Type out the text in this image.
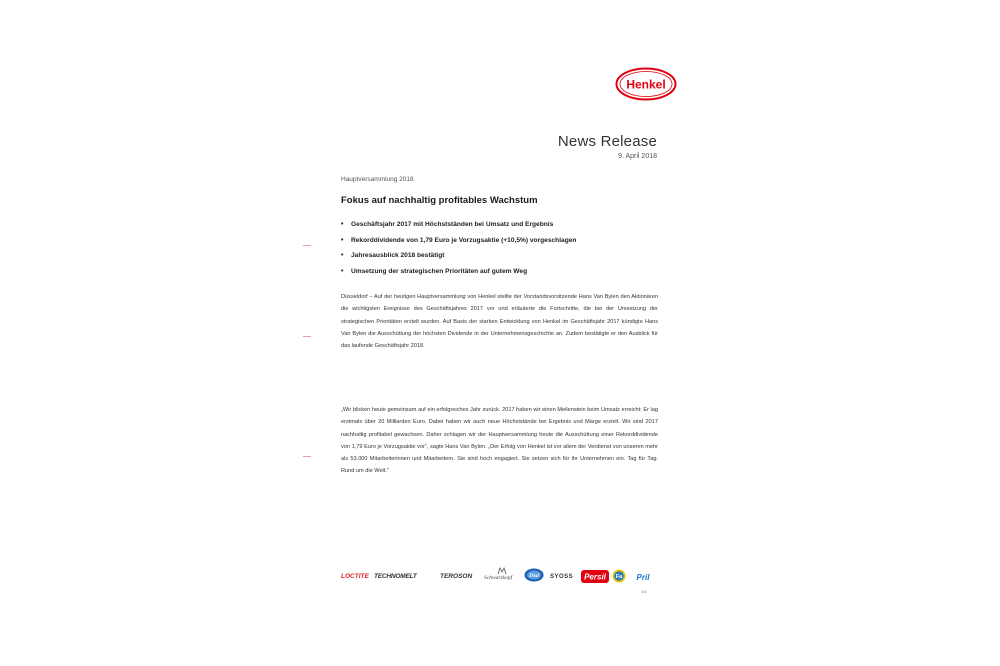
Henkel
News Release
9. April 2018
Hauptversammlung 2018
Fokus auf nachhaltig profitables Wachstum
• Geschäftsjahr 2017 mit Höchstständen bei Umsatz und Ergebnis
• Rekorddividende von 1,79 Euro je Vorzugsaktie (+10,5%) vorgeschlagen
• Jahresausblick 2018 bestätigt
• Umsetzung der strategischen Prioritäten auf gutem Weg

Düsseldorf – Auf der heutigen Hauptversammlung von Henkel stellte der Vorstandsvorsitzende Hans Van Bylen den Aktionären die wichtigsten Ereignisse des Geschäftsjahres 2017 vor und erläuterte die Fortschritte, die bei der Umsetzung der strategischen Prioritäten erzielt wurden. Auf Basis der starken Entwicklung von Henkel im Geschäftsjahr 2017 kündigte Hans Van Bylen die Ausschüttung der höchsten Dividende in der Unternehmensgeschichte an. Zudem bestätigte er den Ausblick für das laufende Geschäftsjahr 2018.

„Wir blicken heute gemeinsam auf ein erfolgreiches Jahr zurück. 2017 haben wir einen Meilenstein beim Umsatz erreicht: Er lag erstmals über 20 Milliarden Euro. Dabei haben wir auch neue Höchststände bei Ergebnis und Marge erzielt. Wir sind 2017 nachhaltig profitabel gewachsen. Daher schlagen wir der Hauptversammlung heute die Ausschüttung einer Rekorddividende von 1,79 Euro je Vorzugsaktie vor“, sagte Hans Van Bylen. „Der Erfolg von Henkel ist vor allem der Verdienst von unseren mehr als 53.000 Mitarbeiterinnen und Mitarbeitern. Sie sind hoch engagiert. Sie setzen sich für ihr Unternehmen ein. Tag für Tag. Rund um die Welt.“

LOCTITE TECHNOMELT	TEROSON Schwarzkopf	Dial SYOSS Persil Fa Pril
1/4
